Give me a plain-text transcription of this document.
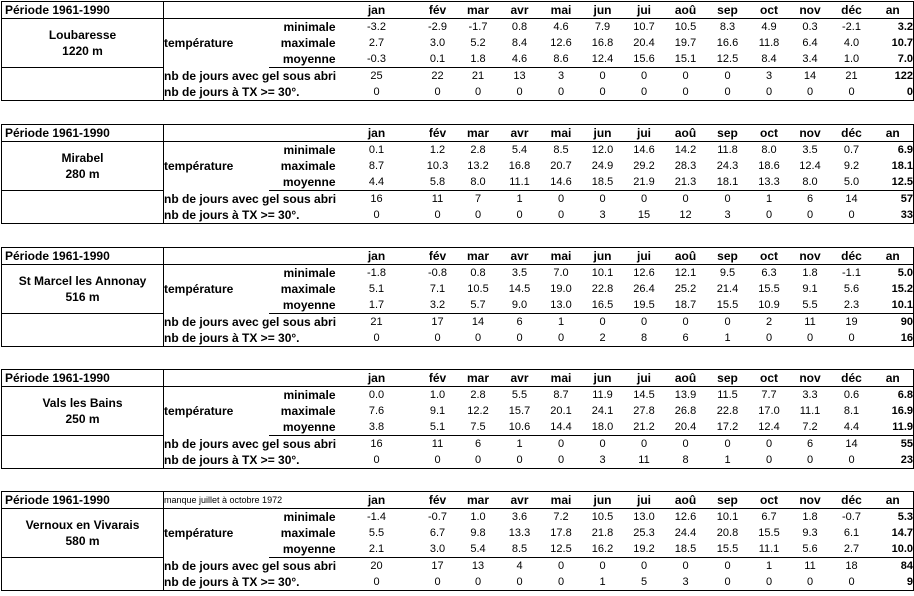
Période 1961-1990			jan	fév	mar	avr	mai	jun	jui	aoû	sep	oct	nov	déc	an

Loubaresse
1220 m		minimale	-3.2	-2.9	-1.7	0.8	4.6	7.9	10.7	10.5	8.3	4.9	0.3	-2.1	3.2
	température	maximale	2.7	3.0	5.2	8.4	12.6	16.8	20.4	19.7	16.6	11.8	6.4	4.0	10.7
		moyenne	-0.3	0.1	1.8	4.6	8.6	12.4	15.6	15.1	12.5	8.4	3.4	1.0	7.0
	nb de jours avec gel sous abri		25	22	21	13	3	0	0	0	0	3	14	21	122
	nb de jours à TX >= 30°.		0	0	0	0	0	0	0	0	0	0	0	0	0
Période 1961-1990			jan	fév	mar	avr	mai	jun	jui	aoû	sep	oct	nov	déc	an

Mirabel
280 m		minimale	0.1	1.2	2.8	5.4	8.5	12.0	14.6	14.2	11.8	8.0	3.5	0.7	6.9
	température	maximale	8.7	10.3	13.2	16.8	20.7	24.9	29.2	28.3	24.3	18.6	12.4	9.2	18.1
		moyenne	4.4	5.8	8.0	11.1	14.6	18.5	21.9	21.3	18.1	13.3	8.0	5.0	12.5
	nb de jours avec gel sous abri		16	11	7	1	0	0	0	0	0	1	6	14	57
	nb de jours à TX >= 30°.		0	0	0	0	0	3	15	12	3	0	0	0	33
Période 1961-1990			jan	fév	mar	avr	mai	jun	jui	aoû	sep	oct	nov	déc	an

St Marcel les Annonay
516 m		minimale	-1.8	-0.8	0.8	3.5	7.0	10.1	12.6	12.1	9.5	6.3	1.8	-1.1	5.0
	température	maximale	5.1	7.1	10.5	14.5	19.0	22.8	26.4	25.2	21.4	15.5	9.1	5.6	15.2
		moyenne	1.7	3.2	5.7	9.0	13.0	16.5	19.5	18.7	15.5	10.9	5.5	2.3	10.1
	nb de jours avec gel sous abri		21	17	14	6	1	0	0	0	0	2	11	19	90
	nb de jours à TX >= 30°.		0	0	0	0	0	2	8	6	1	0	0	0	16
Période 1961-1990			jan	fév	mar	avr	mai	jun	jui	aoû	sep	oct	nov	déc	an

Vals les Bains
250 m		minimale	0.0	1.0	2.8	5.5	8.7	11.9	14.5	13.9	11.5	7.7	3.3	0.6	6.8
	température	maximale	7.6	9.1	12.2	15.7	20.1	24.1	27.8	26.8	22.8	17.0	11.1	8.1	16.9
		moyenne	3.8	5.1	7.5	10.6	14.4	18.0	21.2	20.4	17.2	12.4	7.2	4.4	11.9
	nb de jours avec gel sous abri		16	11	6	1	0	0	0	0	0	0	6	14	55
	nb de jours à TX >= 30°.		0	0	0	0	0	3	11	8	1	0	0	0	23
Période 1961-1990	manque juillet à octobre 1972		jan	fév	mar	avr	mai	jun	jui	aoû	sep	oct	nov	déc	an

Vernoux en Vivarais
580 m		minimale	-1.4	-0.7	1.0	3.6	7.2	10.5	13.0	12.6	10.1	6.7	1.8	-0.7	5.3
	température	maximale	5.5	6.7	9.8	13.3	17.8	21.8	25.3	24.4	20.8	15.5	9.3	6.1	14.7
		moyenne	2.1	3.0	5.4	8.5	12.5	16.2	19.2	18.5	15.5	11.1	5.6	2.7	10.0
	nb de jours avec gel sous abri		20	17	13	4	0	0	0	0	0	1	11	18	84
	nb de jours à TX >= 30°.		0	0	0	0	0	1	5	3	0	0	0	0	9
